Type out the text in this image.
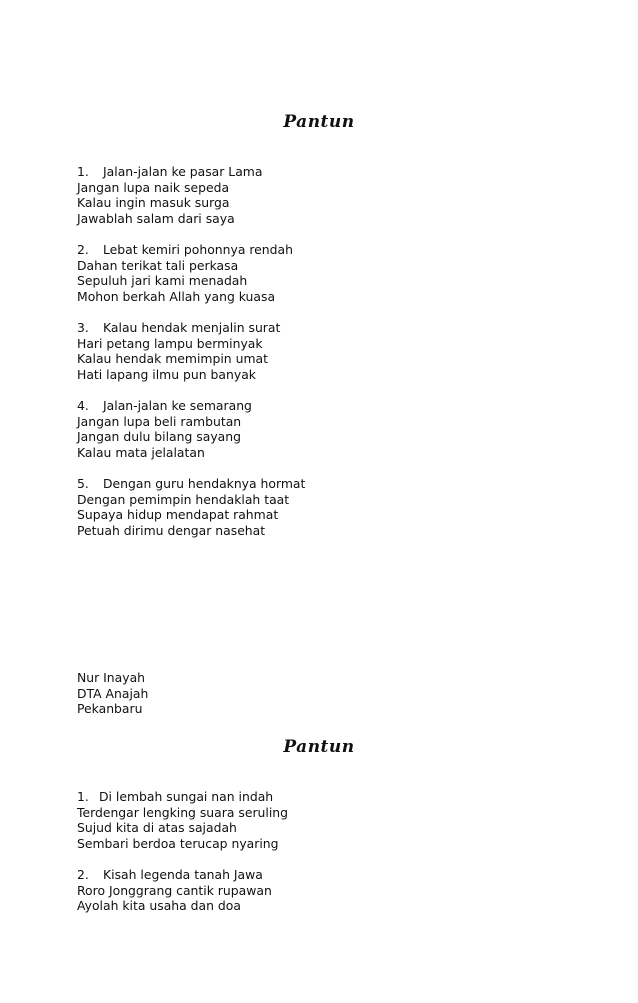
Pantun
1. Jalan-jalan ke pasar Lama
Jangan lupa naik sepeda
Kalau ingin masuk surga
Jawablah salam dari saya
2. Lebat kemiri pohonnya rendah
Dahan terikat tali perkasa
Sepuluh jari kami menadah
Mohon berkah Allah yang kuasa
3. Kalau hendak menjalin surat
Hari petang lampu berminyak
Kalau hendak memimpin umat
Hati lapang ilmu pun banyak
4. Jalan-jalan ke semarang
Jangan lupa beli rambutan
Jangan dulu bilang sayang
Kalau mata jelalatan
5. Dengan guru hendaknya hormat
Dengan pemimpin hendaklah taat
Supaya hidup mendapat rahmat
Petuah dirimu dengar nasehat
Nur Inayah
DTA Anajah
Pekanbaru
Pantun
1. Di lembah sungai nan indah
Terdengar lengking suara seruling
Sujud kita di atas sajadah
Sembari berdoa terucap nyaring
2. Kisah legenda tanah Jawa
Roro Jonggrang cantik rupawan
Ayolah kita usaha dan doa
